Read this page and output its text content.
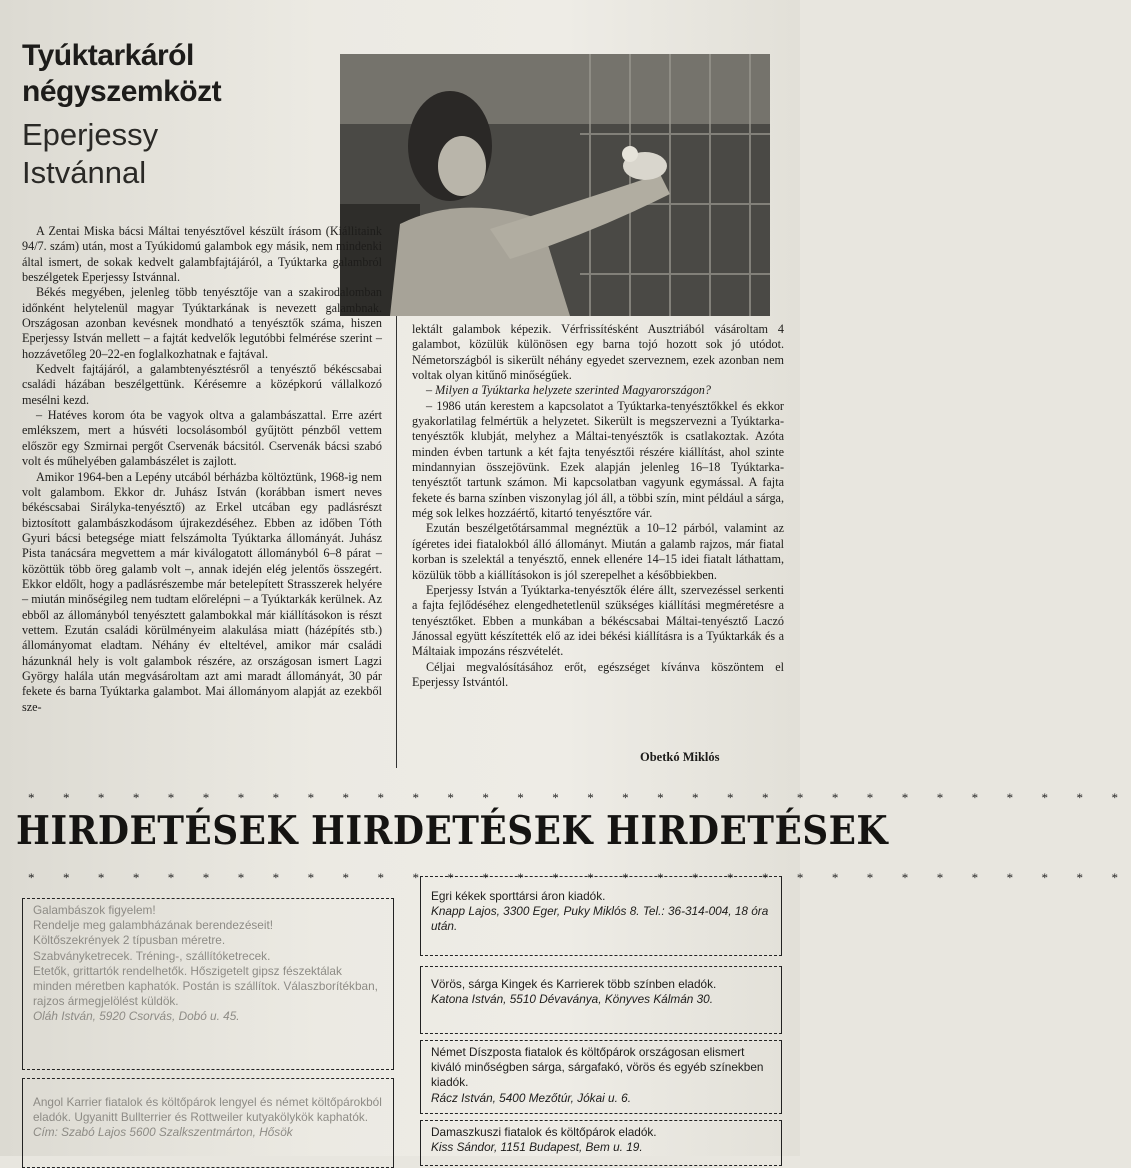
Tyúktarkáról
négyszemközt
Eperjessy
Istvánnal

A Zentai Miska bácsi Máltai tenyésztővel készült írásom (Kiállitaink 94/7. szám) után, most a Tyúkidomú galambok egy másik, nem mindenki által ismert, de sokak kedvelt galambfajtájáról, a Tyúktarka galambról beszélgetek Eperjessy Istvánnal.

Békés megyében, jelenleg több tenyésztője van a szakirodalomban időnként helytelenül magyar Tyúktarkának is nevezett galambnak. Országosan azonban kevésnek mondható a tenyésztők száma, hiszen Eperjessy István mellett – a fajtát kedvelők legutóbbi felmérése szerint – hozzávetőleg 20–22-en foglalkozhatnak e fajtával.

Kedvelt fajtájáról, a galambtenyésztésről a tenyésztő békéscsabai családi házában beszélgettünk. Kérésemre a középkorú vállalkozó mesélni kezd.

– Hatéves korom óta be vagyok oltva a galambászattal. Erre azért emlékszem, mert a húsvéti locsolásomból gyűjtött pénzből vettem először egy Szmirnai pergőt Cservenák bácsitól. Cservenák bácsi szabó volt és műhelyében galambászélet is zajlott.

Amikor 1964-ben a Lepény utcából bérházba költöztünk, 1968-ig nem volt galambom. Ekkor dr. Juhász István (korábban ismert neves békéscsabai Sirálykа-tenyésztő) az Erkel utcában egy padlásrészt biztosított galambászkodásom újrakezdéséhez. Ebben az időben Tóth Gyuri bácsi betegsége miatt felszámolta Tyúktarka állományát. Juhász Pista tanácsára megvettem a már kiválogatott állományból 6–8 párat – közöttük több öreg galamb volt –, annak idején elég jelentős összegért. Ekkor eldőlt, hogy a padlásrészembe már betelepített Strasszerek helyére – miután minőségileg nem tudtam előrelépni – a Tyúktarkák kerülnek. Az ebből az állományból tenyésztett galambokkal már kiállításokon is részt vettem. Ezután családi körülményeim alakulása miatt (házépítés stb.) állományomat eladtam. Néhány év elteltével, amikor már családi házunknál hely is volt galambok részére, az országosan ismert Lagzi György halála után megvásároltam azt ami maradt állományát, 30 pár fekete és barna Tyúktarka galambot. Mai állományom alapját az ezekből sze-

lektált galambok képezik. Vérfrissítésként Ausztriából vásároltam 4 galambot, közülük különösen egy barna tojó hozott sok jó utódot. Németországból is sikerült néhány egyedet szerveznem, ezek azonban nem voltak olyan kitűnő minőségűek.

– Milyen a Tyúktarka helyzete szerinted Magyarországon?

– 1986 után kerestem a kapcsolatot a Tyúktarka-tenyésztőkkel és ekkor gyakorlatilag felmértük a helyzetet. Sikerült is megszervezni a Tyúktarka-tenyésztők klubját, melyhez a Máltai-tenyésztők is csatlakoztak. Azóta minden évben tartunk a két fajta tenyésztői részére kiállítást, ahol szinte mindannyian összejövünk. Ezek alapján jelenleg 16–18 Tyúktarka-tenyésztőt tartunk számon. Mi kapcsolatban vagyunk egymással. A fajta fekete és barna színben viszonylag jól áll, a többi szín, mint például a sárga, még sok lelkes hozzáértő, kitartó tenyésztőre vár.

Ezután beszélgetőtársammal megnéztük a 10–12 párból, valamint az ígéretes idei fiatalokból álló állományt. Miután a galamb rajzos, már fiatal korban is szelektál a tenyésztő, ennek ellenére 14–15 idei fiatalt láthattam, közülük több a kiállításokon is jól szerepelhet a későbbiekben.

Eperjessy István a Tyúktarka-tenyésztők élére állt, szervezéssel serkenti a fajta fejlődéséhez elengedhetetlenül szükséges kiállítási megméretésre a tenyésztőket. Ebben a munkában a békéscsabai Máltai-tenyésztő Laczó Jánossal együtt készítették elő az idei békési kiállításra is a Tyúktarkák és a Máltaiak impozáns részvételét.

Céljai megvalósításához erőt, egészséget kívánva köszöntem el Eperjessy Istvántól.

Obetkó Miklós
* * * * * * * * * * * * * * * * * * * * * * * * * * * * * * * *
HIRDETÉSEK HIRDETÉSEK HIRDETÉSEK
* * * * * * * * * * * * * * * * * * * * * * * * * * * * * * * *

Galambászok figyelem!

Rendelje meg galambházának berendezéseit!

Költőszekrények 2 típusban méretre.

Szabványketrecek. Tréning-, szállítóketrecek.

Etetők, grittartók rendelhetők. Hőszigetelt gipsz fészektálak minden méretben kaphatók. Postán is szállítok. Válaszborítékban, rajzos ármegjelölést küldök.

Oláh István, 5920 Csorvás, Dobó u. 45.

Angol Karrier fiatalok és költőpárok lengyel és német költőpárokból eladók. Ugyanitt Bullterrier és Rottweiler kutyakölykök kaphatók.

Cím: Szabó Lajos 5600 Szalkszentmárton, Hősök

Egri kékek sporttársi áron kiadók.

Knapp Lajos, 3300 Eger, Puky Miklós 8. Tel.: 36-314-004, 18 óra után.

Vörös, sárga Kingek és Karrierek több színben eladók.

Katona István, 5510 Dévaványa, Könyves Kálmán 30.

Német Díszposta fiatalok és költőpárok országosan elismert kiváló minőségben sárga, sárgafakó, vörös és egyéb színekben kiadók.

Rácz István, 5400 Mezőtúr, Jókai u. 6.

Damaszkuszi fiatalok és költőpárok eladók.

Kiss Sándor, 1151 Budapest, Bem u. 19.
